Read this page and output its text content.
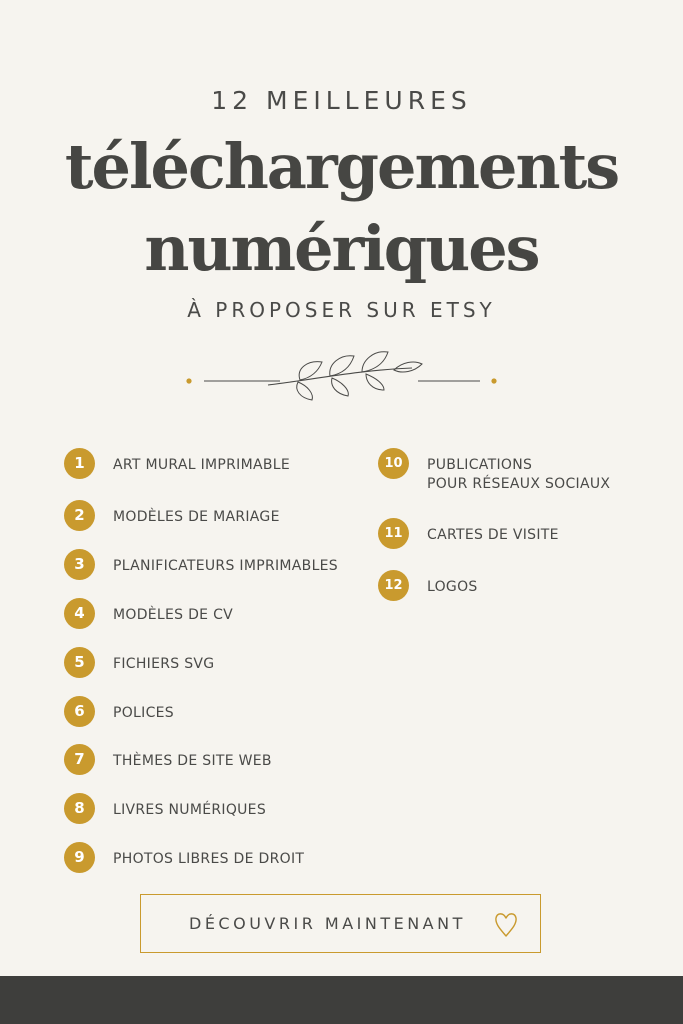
12 MEILLEURES
téléchargements
numériques
À PROPOSER SUR ETSY
1	ART MURAL IMPRIMABLE
2	MODÈLES DE MARIAGE
3	PLANIFICATEURS IMPRIMABLES
4	MODÈLES DE CV
5	FICHIERS SVG
6	POLICES
7	THÈMES DE SITE WEB
8	LIVRES NUMÉRIQUES
9	PHOTOS LIBRES DE DROIT
10	PUBLICATIONS
POUR RÉSEAUX SOCIAUX
11	CARTES DE VISITE
12	LOGOS
DÉCOUVRIR MAINTENANT
